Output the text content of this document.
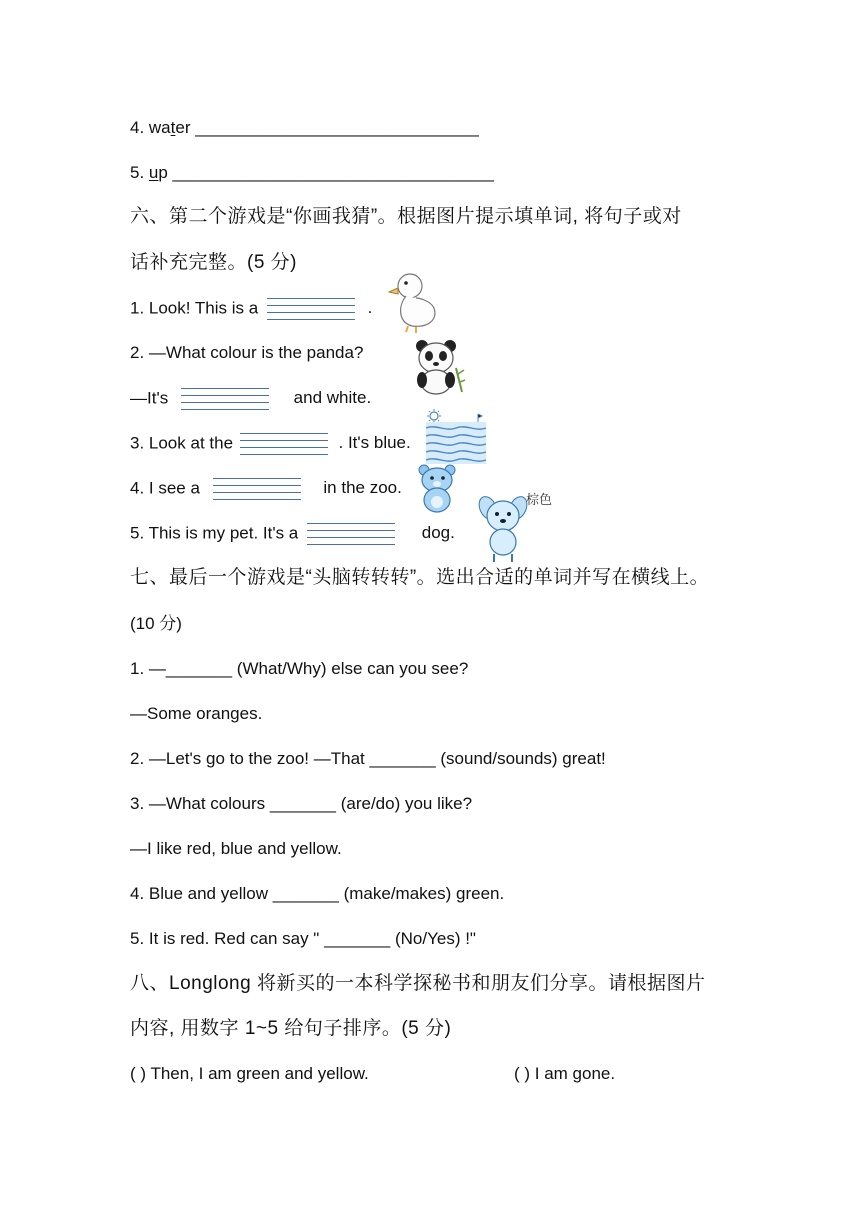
4. water ______________________________
5. up __________________________________
六、第二个游戏是“你画我猜”。根据图片提示填单词, 将句子或对
话补充完整。(5 分)
1. Look! This is a	.
2. —What colour is the panda?
—It's	and white.
3. Look at the	. It's blue.
4. I see a	in the zoo.
5. This is my pet. It's a	dog.
棕色
七、最后一个游戏是“头脑转转转”。选出合适的单词并写在横线上。
(10 分)
1. —_______ (What/Why) else can you see?
—Some oranges.
2. —Let's go to the zoo! —That _______ (sound/sounds) great!
3. —What colours _______ (are/do) you like?
—I like red, blue and yellow.
4. Blue and yellow _______ (make/makes) green.
5. It is red. Red can say " _______ (No/Yes) !"
八、Longlong 将新买的一本科学探秘书和朋友们分享。请根据图片
内容, 用数字 1~5 给句子排序。(5 分)
( ) Then, I am green and yellow.	( ) I am gone.
